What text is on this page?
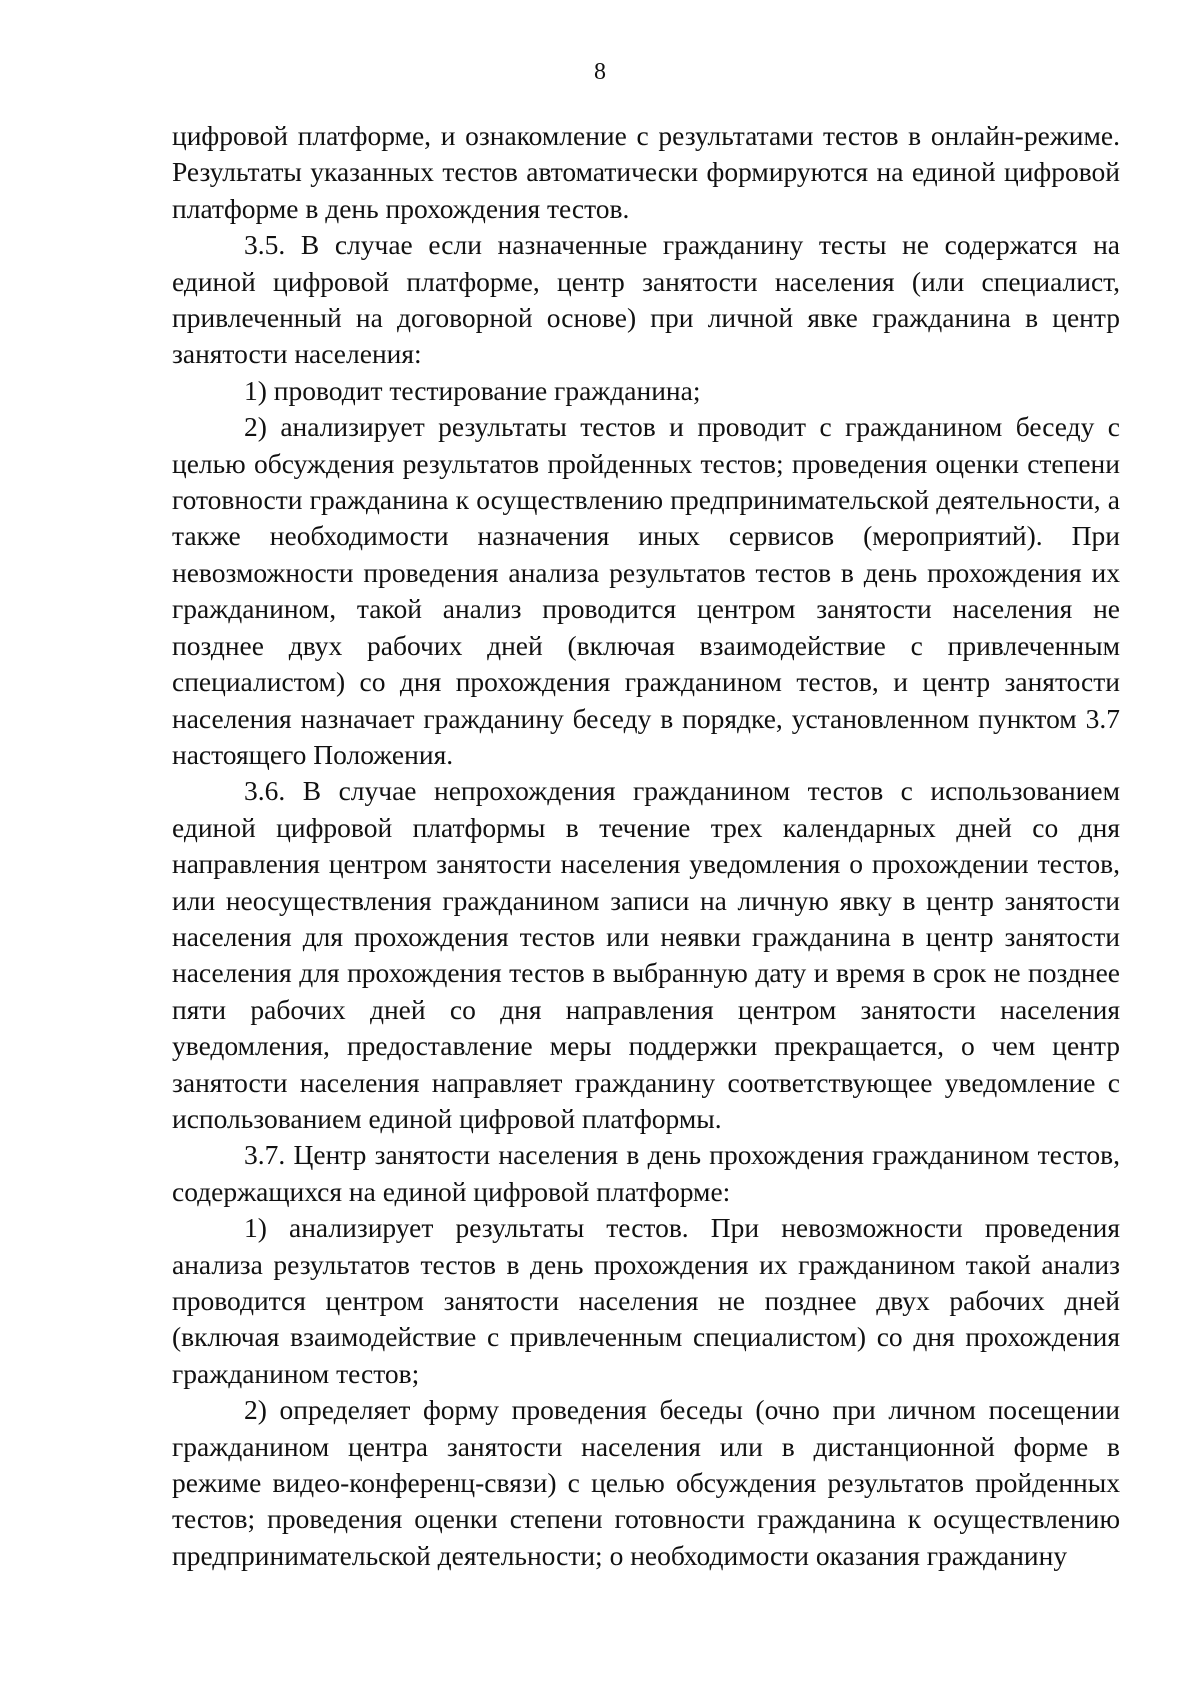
8

цифровой платформе, и ознакомление с результатами тестов в онлайн-режиме. Результаты указанных тестов автоматически формируются на единой цифровой платформе в день прохождения тестов.

3.5. В случае если назначенные гражданину тесты не содержатся на единой цифровой платформе, центр занятости населения (или специалист, привлеченный на договорной основе) при личной явке гражданина в центр занятости населения:

1) проводит тестирование гражданина;

2) анализирует результаты тестов и проводит с гражданином беседу с целью обсуждения результатов пройденных тестов; проведения оценки степени готовности гражданина к осуществлению предпринимательской деятельности, а также необходимости назначения иных сервисов (мероприятий). При невозможности проведения анализа результатов тестов в день прохождения их гражданином, такой анализ проводится центром занятости населения не позднее двух рабочих дней (включая взаимодействие с привлеченным специалистом) со дня прохождения гражданином тестов, и центр занятости населения назначает гражданину беседу в порядке, установленном пунктом 3.7 настоящего Положения.

3.6. В случае непрохождения гражданином тестов с использованием единой цифровой платформы в течение трех календарных дней со дня направления центром занятости населения уведомления о прохождении тестов, или неосуществления гражданином записи на личную явку в центр занятости населения для прохождения тестов или неявки гражданина в центр занятости населения для прохождения тестов в выбранную дату и время в срок не позднее пяти рабочих дней со дня направления центром занятости населения уведомления, предоставление меры поддержки прекращается, о чем центр занятости населения направляет гражданину соответствующее уведомление с использованием единой цифровой платформы.

3.7. Центр занятости населения в день прохождения гражданином тестов, содержащихся на единой цифровой платформе:

1) анализирует результаты тестов. При невозможности проведения анализа результатов тестов в день прохождения их гражданином такой анализ проводится центром занятости населения не позднее двух рабочих дней (включая взаимодействие с привлеченным специалистом) со дня прохождения гражданином тестов;

2) определяет форму проведения беседы (очно при личном посещении гражданином центра занятости населения или в дистанционной форме в режиме видео-конференц-связи) с целью обсуждения результатов пройденных тестов; проведения оценки степени готовности гражданина к осуществлению предпринимательской деятельности; о необходимости оказания гражданину
